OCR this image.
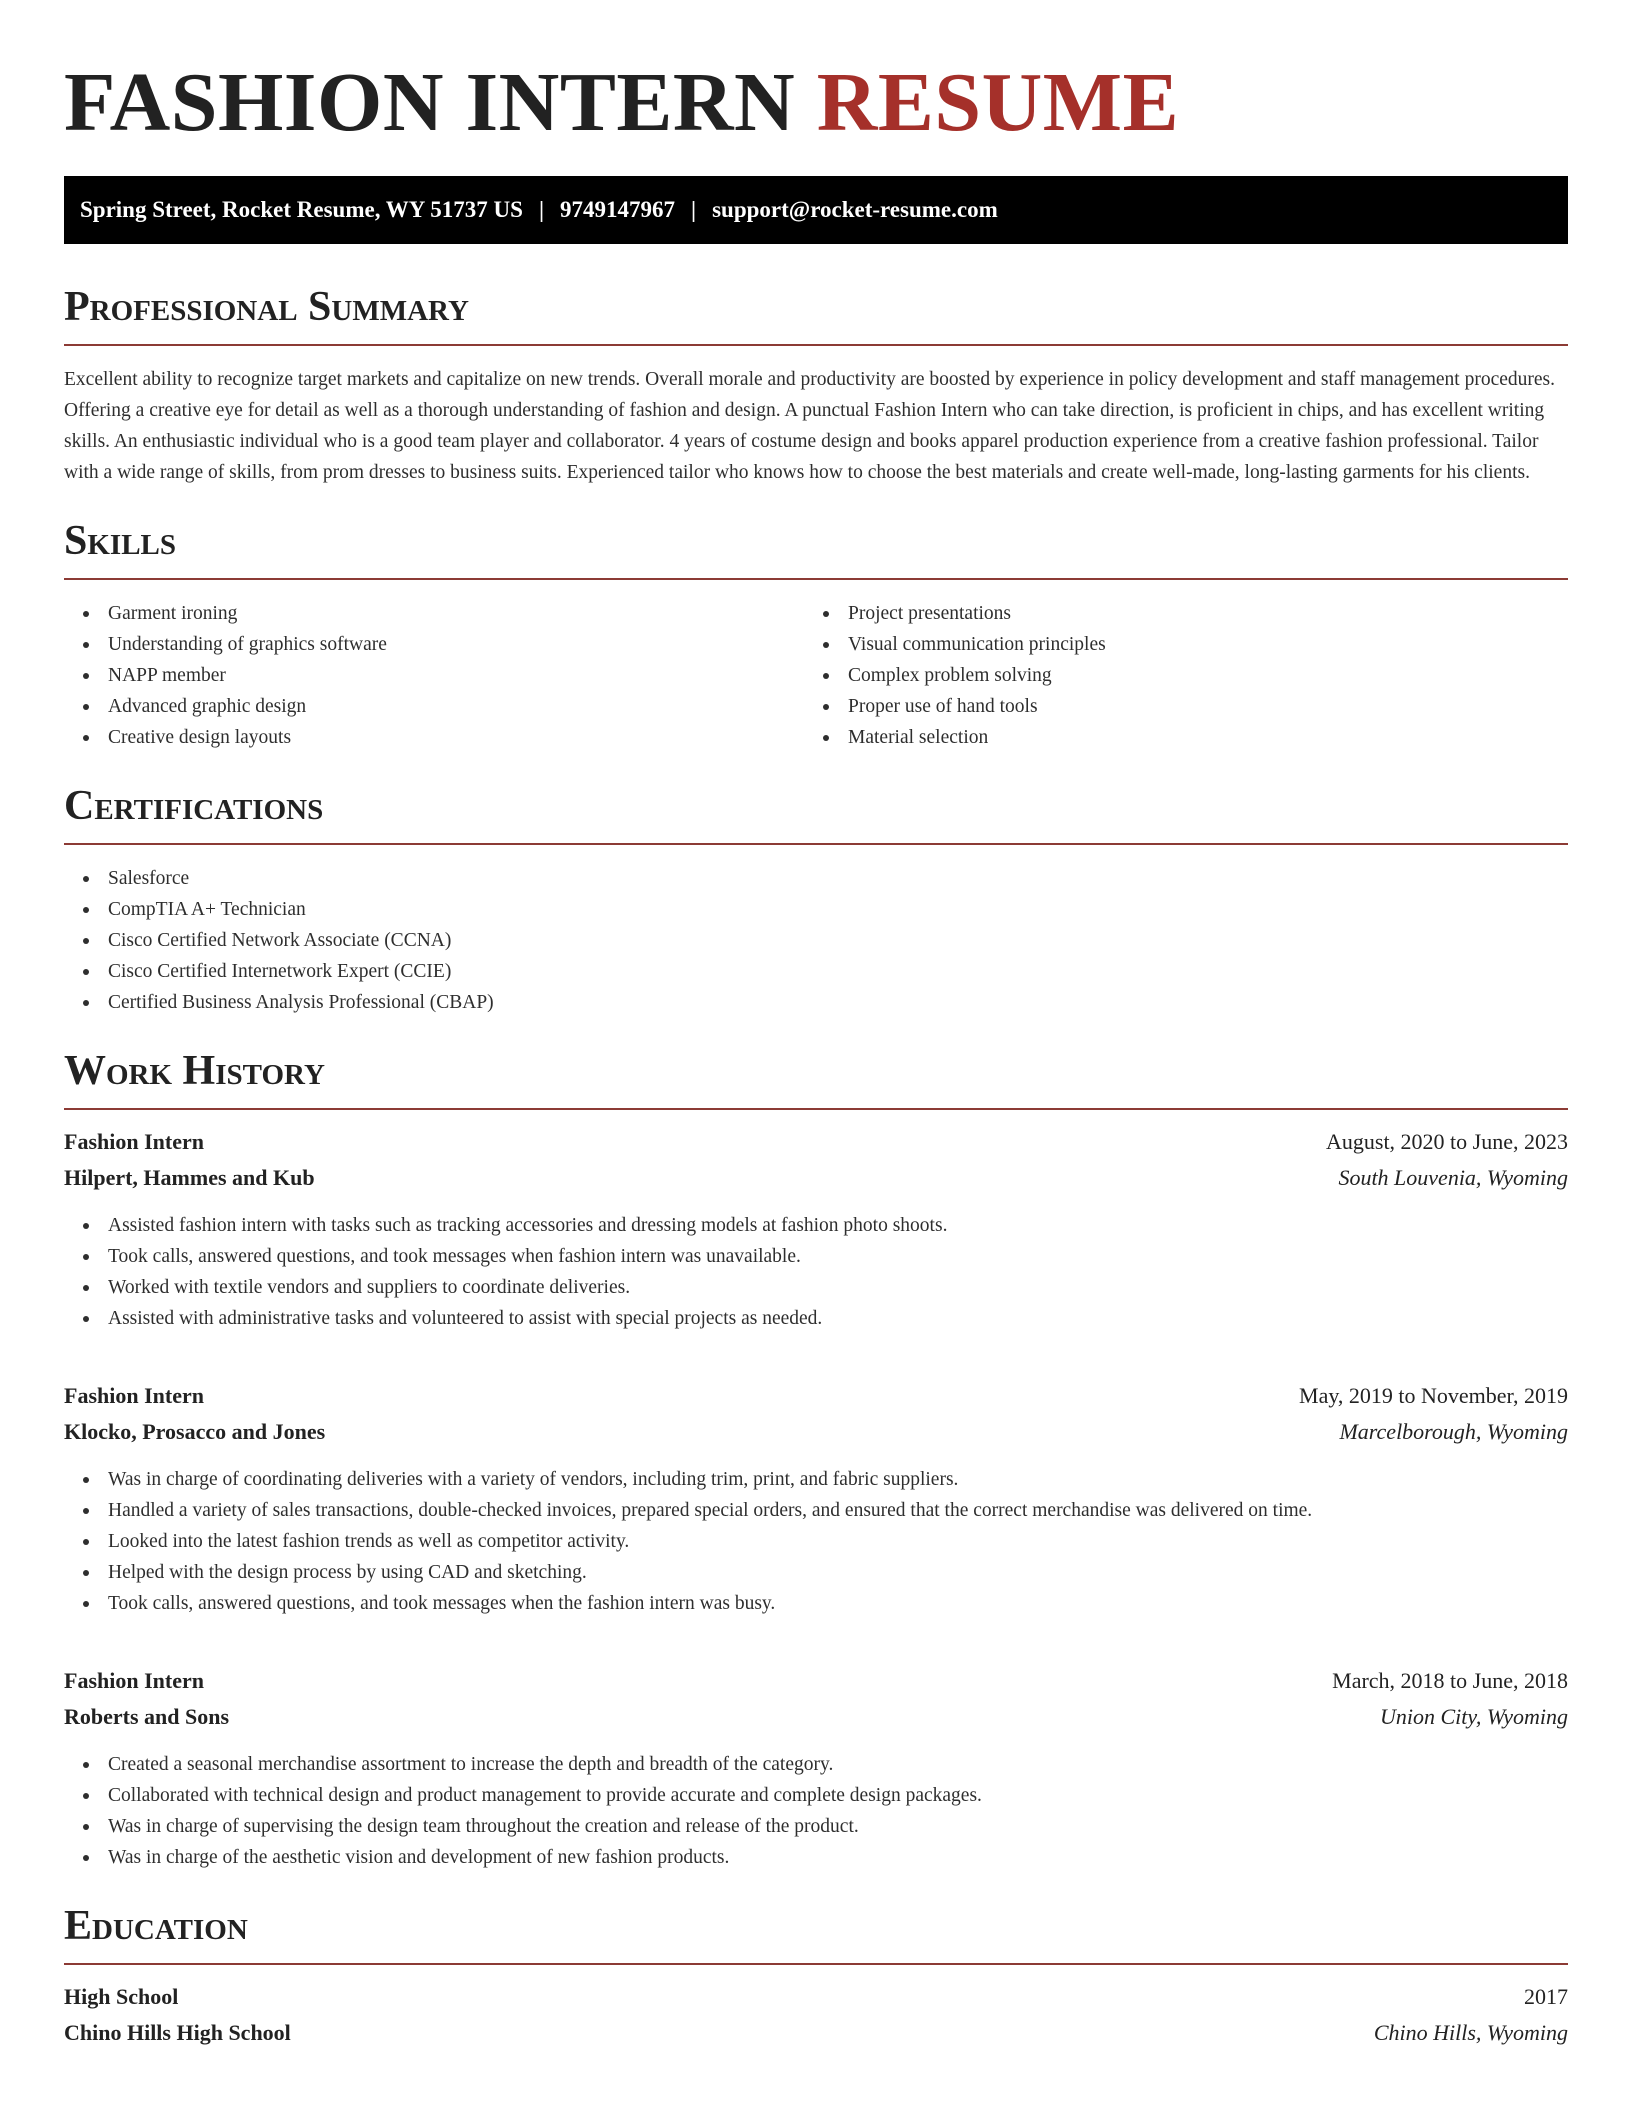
FASHION INTERN RESUME
Spring Street, Rocket Resume, WY 51737 US | 9749147967 | support@rocket-resume.com
Professional Summary

Excellent ability to recognize target markets and capitalize on new trends. Overall morale and productivity are boosted by experience in policy development and staff management procedures. Offering a creative eye for detail as well as a thorough understanding of fashion and design. A punctual Fashion Intern who can take direction, is proficient in chips, and has excellent writing skills. An enthusiastic individual who is a good team player and collaborator. 4 years of costume design and books apparel production experience from a creative fashion professional. Tailor with a wide range of skills, from prom dresses to business suits. Experienced tailor who knows how to choose the best materials and create well-made, long-lasting garments for his clients.

Skills
Garment ironing
Understanding of graphics software
NAPP member
Advanced graphic design
Creative design layouts
Project presentations
Visual communication principles
Complex problem solving
Proper use of hand tools
Material selection
Certifications
Salesforce
CompTIA A+ Technician
Cisco Certified Network Associate (CCNA)
Cisco Certified Internetwork Expert (CCIE)
Certified Business Analysis Professional (CBAP)
Work History
Fashion Intern	August, 2020 to June, 2023
Hilpert, Hammes and Kub	South Louvenia, Wyoming
Assisted fashion intern with tasks such as tracking accessories and dressing models at fashion photo shoots.
Took calls, answered questions, and took messages when fashion intern was unavailable.
Worked with textile vendors and suppliers to coordinate deliveries.
Assisted with administrative tasks and volunteered to assist with special projects as needed.
Fashion Intern	May, 2019 to November, 2019
Klocko, Prosacco and Jones	Marcelborough, Wyoming
Was in charge of coordinating deliveries with a variety of vendors, including trim, print, and fabric suppliers.
Handled a variety of sales transactions, double-checked invoices, prepared special orders, and ensured that the correct merchandise was delivered on time.
Looked into the latest fashion trends as well as competitor activity.
Helped with the design process by using CAD and sketching.
Took calls, answered questions, and took messages when the fashion intern was busy.
Fashion Intern	March, 2018 to June, 2018
Roberts and Sons	Union City, Wyoming
Created a seasonal merchandise assortment to increase the depth and breadth of the category.
Collaborated with technical design and product management to provide accurate and complete design packages.
Was in charge of supervising the design team throughout the creation and release of the product.
Was in charge of the aesthetic vision and development of new fashion products.
Education
High School	2017
Chino Hills High School	Chino Hills, Wyoming
